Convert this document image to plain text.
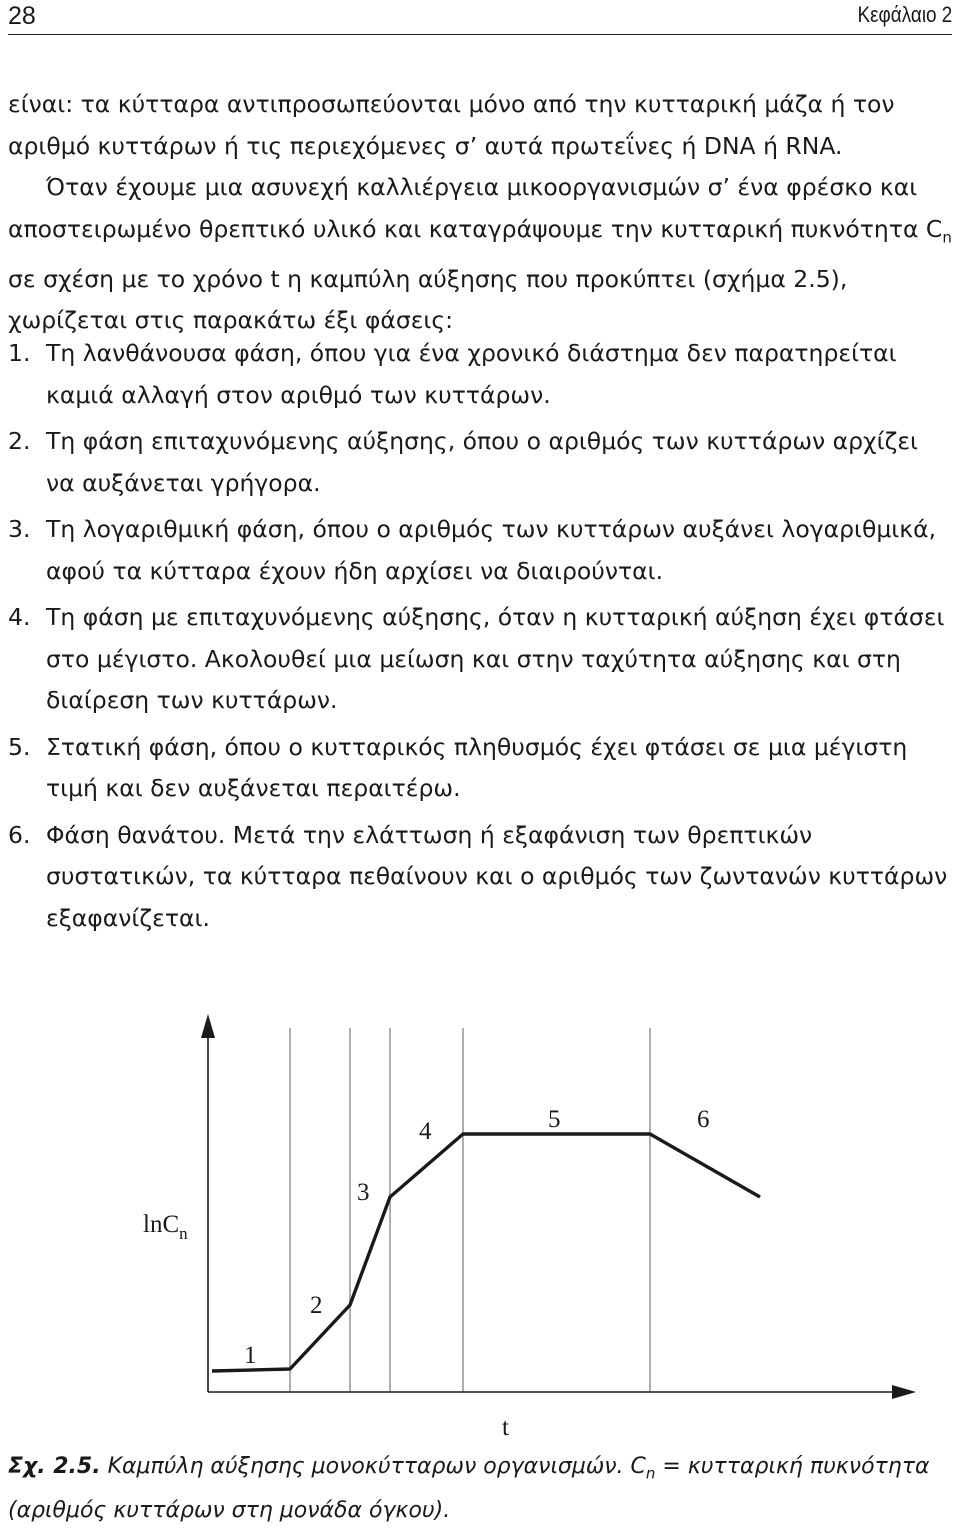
28	Κεφάλαιο 2

είναι: τα κύτταρα αντιπροσωπεύονται μόνο από την κυτταρική μάζα ή τον αριθμό κυττάρων ή τις περιεχόμενες σ’ αυτά πρωτεΐνες ή DNA ή RNA.

Όταν έχουμε μια ασυνεχή καλλιέργεια μικοοργανισμών σ’ ένα φρέσκο και αποστειρωμένο θρεπτικό υλικό και καταγράψουμε την κυτταρική πυκνότητα $C_n$ σε σχέση με το χρόνο t η καμπύλη αύξησης που προκύπτει (σχήμα 2.5), χωρίζεται στις παρακάτω έξι φάσεις:

1. Τη λανθάνουσα φάση, όπου για ένα χρονικό διάστημα δεν παρατηρείται καμιά αλλαγή στον αριθμό των κυττάρων.
2. Τη φάση επιταχυνόμενης αύξησης, όπου ο αριθμός των κυττάρων αρχίζει να αυξάνεται γρήγορα.
3. Τη λογαριθμική φάση, όπου ο αριθμός των κυττάρων αυξάνει λογαριθμικά, αφού τα κύτταρα έχουν ήδη αρχίσει να διαιρούνται.
4. Τη φάση με επιταχυνόμενης αύξησης, όταν η κυτταρική αύξηση έχει φτάσει στο μέγιστο. Ακολουθεί μια μείωση και στην ταχύτητα αύξησης και στη διαίρεση των κυττάρων.
5. Στατική φάση, όπου ο κυτταρικός πληθυσμός έχει φτάσει σε μια μέγιστη τιμή και δεν αυξάνεται περαιτέρω.
6. Φάση θανάτου. Μετά την ελάττωση ή εξαφάνιση των θρεπτικών συστατικών, τα κύτταρα πεθαίνουν και ο αριθμός των ζωντανών κυττάρων εξαφανίζεται.
lnC$_n$
t
1
2
3
4	5	6
Σχ. 2.5. Καμπύλη αύξησης μονοκύτταρων οργανισμών. $C_n = \kappa\upsilon\tau\tau\alpha\rho\iota\kappa ή$ πυκνότητα (αριθμός κυττάρων στη μονάδα όγκου).
